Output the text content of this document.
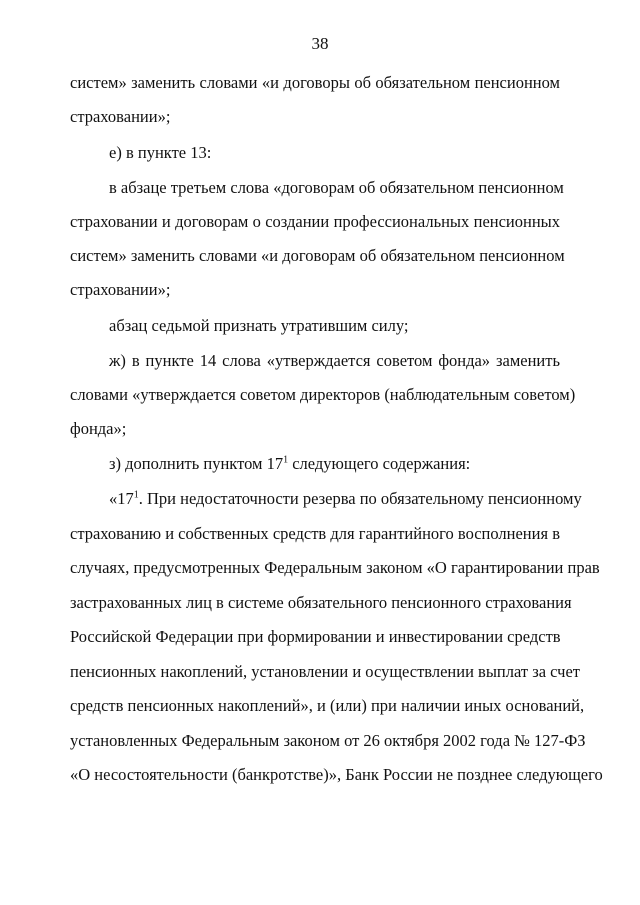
38
систем» заменить словами «и договоры об обязательном пенсионном
страховании»;
е) в пункте 13:
в абзаце третьем слова «договорам об обязательном пенсионном
страховании и договорам о создании профессиональных пенсионных
систем» заменить словами «и договорам об обязательном пенсионном
страховании»;
абзац седьмой признать утратившим силу;
ж) в пункте 14 слова «утверждается советом фонда» заменить
словами «утверждается советом директоров (наблюдательным советом)
фонда»;
з) дополнить пунктом $17^1$ следующего содержания:
«$17^1$. При недостаточности резерва по обязательному пенсионному
страхованию и собственных средств для гарантийного восполнения в
случаях, предусмотренных Федеральным законом «О гарантировании прав
застрахованных лиц в системе обязательного пенсионного страхования
Российской Федерации при формировании и инвестировании средств
пенсионных накоплений, установлении и осуществлении выплат за счет
средств пенсионных накоплений», и (или) при наличии иных оснований,
установленных Федеральным законом от 26 октября 2002 года № 127-ФЗ
«О несостоятельности (банкротстве)», Банк России не позднее следующего
